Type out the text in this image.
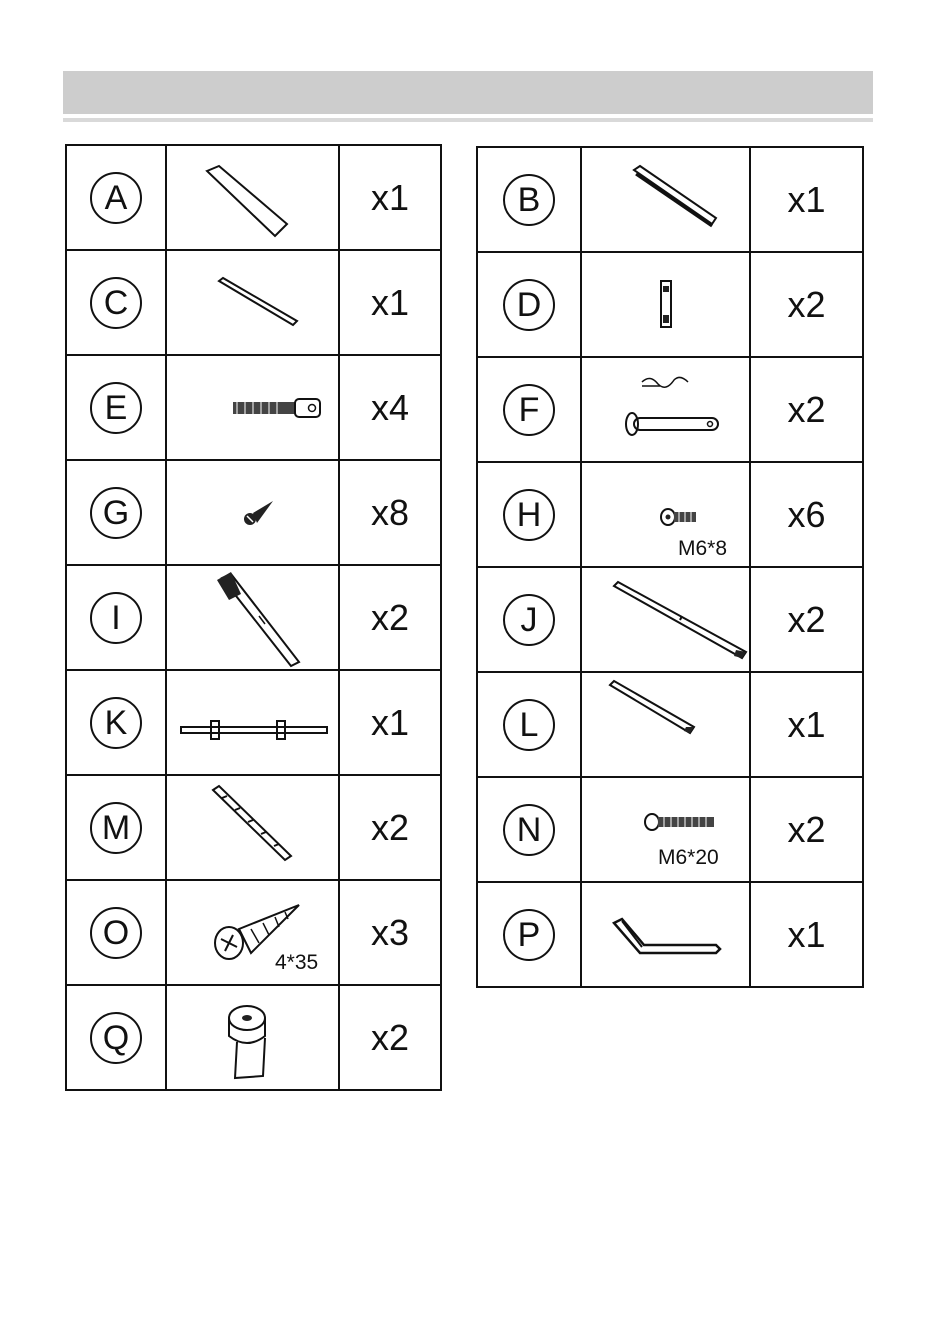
A		x1
C		x1
E		x4
G		x8
I		x2
K		x1
M		x2
O	4*35	x3
Q		x2
B		x1
D		x2
F		x2
H	M6*8	x6
J		x2
L		x1
N	M6*20	x2
P		x1
